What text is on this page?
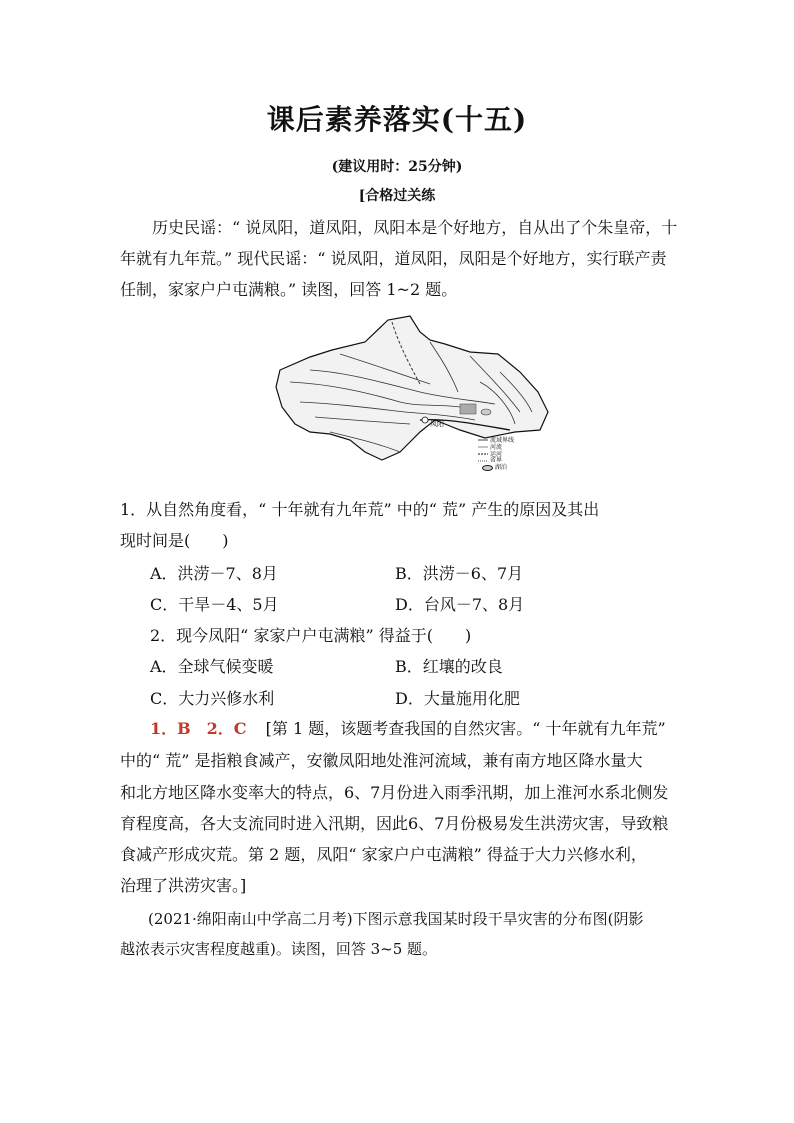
课后素养落实(十五)
(建议用时：25分钟)
[合格过关练
历史民谣：“ 说凤阳，道凤阳，凤阳本是个好地方，自从出了个朱皇帝，十年就有九年荒。” 现代民谣：“ 说凤阳，道凤阳，凤阳是个好地方，实行联产责任制，家家户户屯满粮。” 读图，回答 1~2 题。
凤阳
流域界线
河流
运河
省界
湖泊
1．从自然角度看，“ 十年就有九年荒” 中的“ 荒” 产生的原因及其出
现时间是(　　)
A．洪涝－7、8月	B．洪涝－6、7月
C．干旱－4、5月	D．台风－7、8月
2．现今凤阳“ 家家户户屯满粮” 得益于(　　)
A．全球气候变暖	B．红壤的改良
C．大力兴修水利	D．大量施用化肥
1．B　2．C [第 1 题，该题考查我国的自然灾害。“ 十年就有九年荒”
中的“ 荒” 是指粮食减产，安徽凤阳地处淮河流域，兼有南方地区降水量大
和北方地区降水变率大的特点，6、7月份进入雨季汛期，加上淮河水系北侧发
育程度高，各大支流同时进入汛期，因此6、7月份极易发生洪涝灾害，导致粮
食减产形成灾荒。第 2 题，凤阳“ 家家户户屯满粮” 得益于大力兴修水利，
治理了洪涝灾害。]
(2021·绵阳南山中学高二月考)下图示意我国某时段干旱灾害的分布图(阴影
越浓表示灾害程度越重)。读图，回答 3~5 题。
